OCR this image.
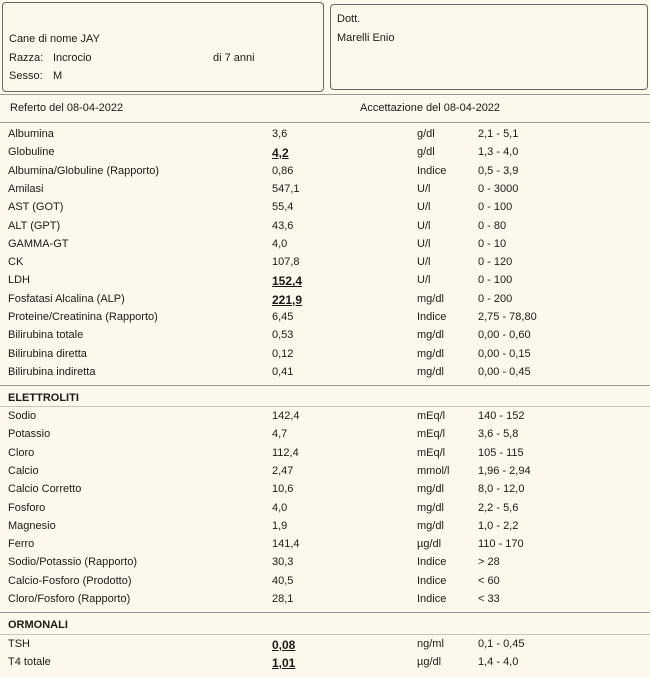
Cane di nome JAY
Razza: Incrocio	di 7 anni
Sesso: M
Dott.
Marelli Enio
Referto del 08-04-2022	Accettazione del 08-04-2022
Albumina	3,6	g/dl	2,1 - 5,1
Globuline	4,2	g/dl	1,3 - 4,0
Albumina/Globuline (Rapporto)	0,86	Indice	0,5 - 3,9
Amilasi	547,1	U/l	0 - 3000
AST (GOT)	55,4	U/l	0 - 100
ALT (GPT)	43,6	U/l	0 - 80
GAMMA-GT	4,0	U/l	0 - 10
CK	107,8	U/l	0 - 120
LDH	152,4	U/l	0 - 100
Fosfatasi Alcalina (ALP)	221,9	mg/dl	0 - 200
Proteine/Creatinina (Rapporto)	6,45	Indice	2,75 - 78,80
Bilirubina totale	0,53	mg/dl	0,00 - 0,60
Bilirubina diretta	0,12	mg/dl	0,00 - 0,15
Bilirubina indiretta	0,41	mg/dl	0,00 - 0,45
ELETTROLITI
Sodio	142,4	mEq/l	140 - 152
Potassio	4,7	mEq/l	3,6 - 5,8
Cloro	112,4	mEq/l	105 - 115
Calcio	2,47	mmol/l	1,96 - 2,94
Calcio Corretto	10,6	mg/dl	8,0 - 12,0
Fosforo	4,0	mg/dl	2,2 - 5,6
Magnesio	1,9	mg/dl	1,0 - 2,2
Ferro	141,4	µg/dl	110 - 170
Sodio/Potassio (Rapporto)	30,3	Indice	> 28
Calcio-Fosforo (Prodotto)	40,5	Indice	< 60
Cloro/Fosforo (Rapporto)	28,1	Indice	< 33
ORMONALI
TSH	0,08	ng/ml	0,1 - 0,45
T4 totale	1,01	µg/dl	1,4 - 4,0
